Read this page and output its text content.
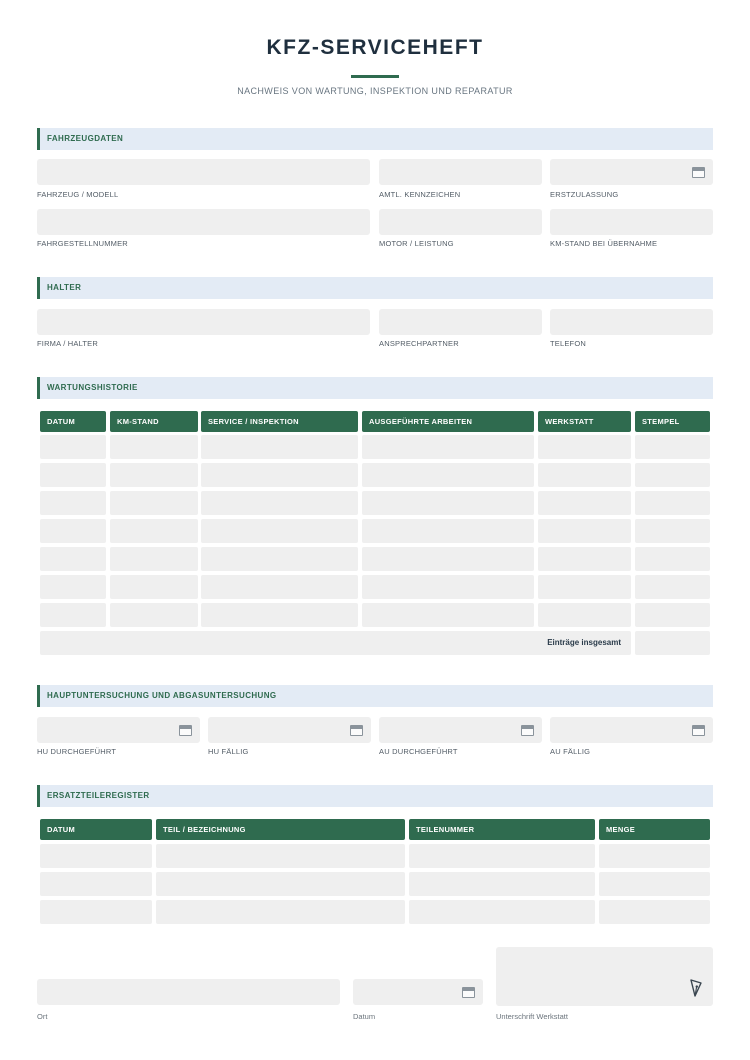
KFZ-SERVICEHEFT
NACHWEIS VON WARTUNG, INSPEKTION UND REPARATUR
FAHRZEUGDATEN
FAHRZEUG / MODELL	AMTL. KENNZEICHEN	ERSTZULASSUNG
FAHRGESTELLNUMMER	MOTOR / LEISTUNG	KM-STAND BEI ÜBERNAHME
HALTER
FIRMA / HALTER	ANSPRECHPARTNER	TELEFON
WARTUNGSHISTORIE
DATUM	KM-STAND	SERVICE / INSPEKTION	AUSGEFÜHRTE ARBEITEN	WERKSTATT	STEMPEL
Einträge insgesamt
HAUPTUNTERSUCHUNG UND ABGASUNTERSUCHUNG
HU DURCHGEFÜHRT	HU FÄLLIG	AU DURCHGEFÜHRT	AU FÄLLIG
ERSATZTEILEREGISTER
DATUM	TEIL / BEZEICHNUNG	TEILENUMMER	MENGE
Ort	Datum	Unterschrift Werkstatt
